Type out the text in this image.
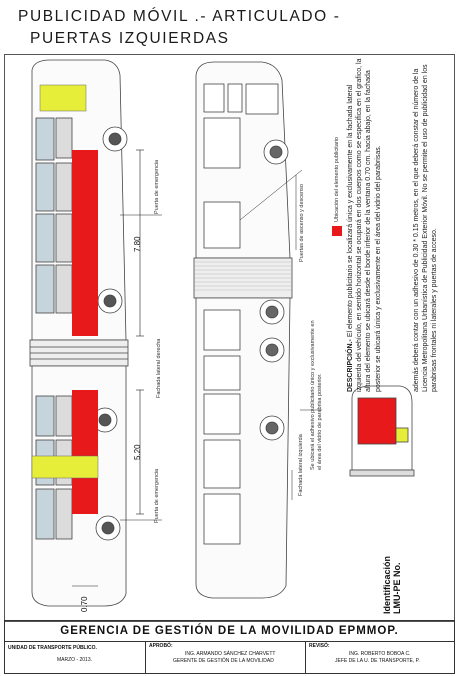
PUBLICIDAD MÓVIL .- ARTICULADO -
PUERTAS IZQUIERDAS
Puerta de emergencia
Puerta de emergencia
Fachada lateral derecha
Fachada lateral izquierda
Puertas de ascenso y descenso
7.80
5.20
0.70
Se ubicará el adhesivo publicitario único y exclusivamente en el área del vidrio de parabrisa posterior.
Ubicación del elemento publicitario
Identificación LMU-PE No.
DESCRIPCIÓN.- El elemento publicitario se localizará única y exclusivamente en la fachada lateral izquierda del vehículo, en sentido horizontal se ocupará en dos cuerpos como se especifica en el grafico, la altura del elemento se ubicará desde el borde inferior de la ventana 0.70 cm. hacia abajo, en la fachada posterior se ubicará única y exclusivamente en el área del vidrio del parabrisas.	además deberá contar con un adhesivo de 0.30 * 0.15 metros, en el que deberá constar el número de la Licencia Metropolitana Urbanística de Publicidad Exterior Móvil. No se permite el uso de publicidad en los parabrisas frontales ni laterales y puertas de acceso.
GERENCIA DE GESTIÓN DE LA MOVILIDAD EPMMOP.
UNIDAD DE TRANSPORTE PÚBLICO.
MARZO - 2013.
APROBÓ:
ING. ARMANDO SÁNCHEZ CHARVETT
GERENTE DE GESTIÓN DE LA MOVILIDAD
REVISÓ:
ING. ROBERTO BOBOA C.
JEFE DE LA U. DE TRANSPORTE, P.
